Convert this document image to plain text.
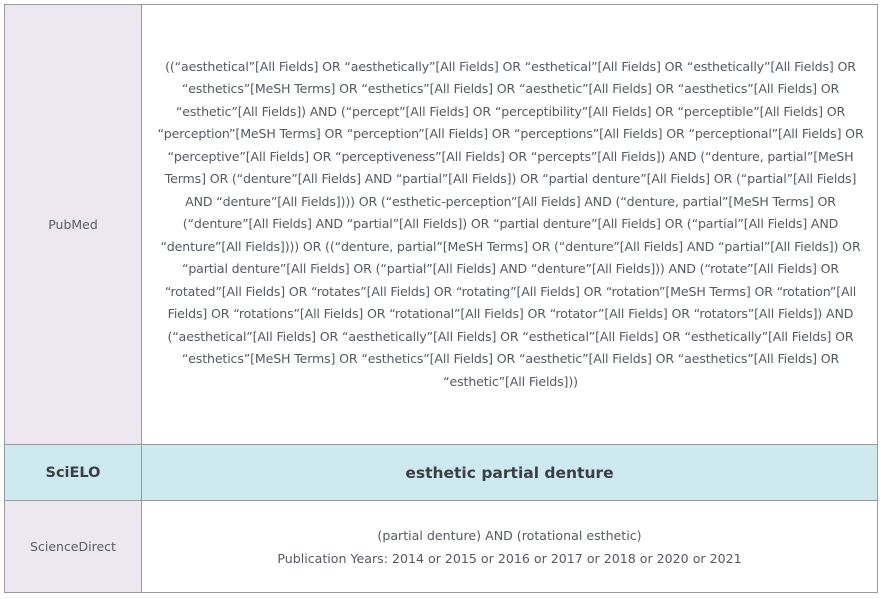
PubMed
((“aesthetical”[All Fields] OR “aesthetically”[All Fields] OR “esthetical”[All Fields] OR “esthetically”[All Fields] OR “esthetics”[MeSH Terms] OR “esthetics”[All Fields] OR “aesthetic”[All Fields] OR “aesthetics”[All Fields] OR “esthetic”[All Fields]) AND (“percept”[All Fields] OR “perceptibility”[All Fields] OR “perceptible”[All Fields] OR “perception”[MeSH Terms] OR “perception”[All Fields] OR “perceptions”[All Fields] OR “perceptional”[All Fields] OR “perceptive”[All Fields] OR “perceptiveness”[All Fields] OR “percepts”[All Fields]) AND (“denture, partial”[MeSH Terms] OR (“denture”[All Fields] AND “partial”[All Fields]) OR “partial denture”[All Fields] OR (“partial”[All Fields] AND “denture”[All Fields]))) OR (“esthetic-perception”[All Fields] AND (“denture, partial”[MeSH Terms] OR (“denture”[All Fields] AND “partial”[All Fields]) OR “partial denture”[All Fields] OR (“partial”[All Fields] AND “denture”[All Fields]))) OR ((“denture, partial”[MeSH Terms] OR (“denture”[All Fields] AND “partial”[All Fields]) OR “partial denture”[All Fields] OR (“partial”[All Fields] AND “denture”[All Fields])) AND (“rotate”[All Fields] OR “rotated”[All Fields] OR “rotates”[All Fields] OR “rotating”[All Fields] OR “rotation”[MeSH Terms] OR “rotation”[All Fields] OR “rotations”[All Fields] OR “rotational”[All Fields] OR “rotator”[All Fields] OR “rotators”[All Fields]) AND (“aesthetical”[All Fields] OR “aesthetically”[All Fields] OR “esthetical”[All Fields] OR “esthetically”[All Fields] OR “esthetics”[MeSH Terms] OR “esthetics”[All Fields] OR “aesthetic”[All Fields] OR “aesthetics”[All Fields] OR “esthetic”[All Fields]))
SciELO	esthetic partial denture
ScienceDirect
(partial denture) AND (rotational esthetic)
Publication Years: 2014 or 2015 or 2016 or 2017 or 2018 or 2020 or 2021
